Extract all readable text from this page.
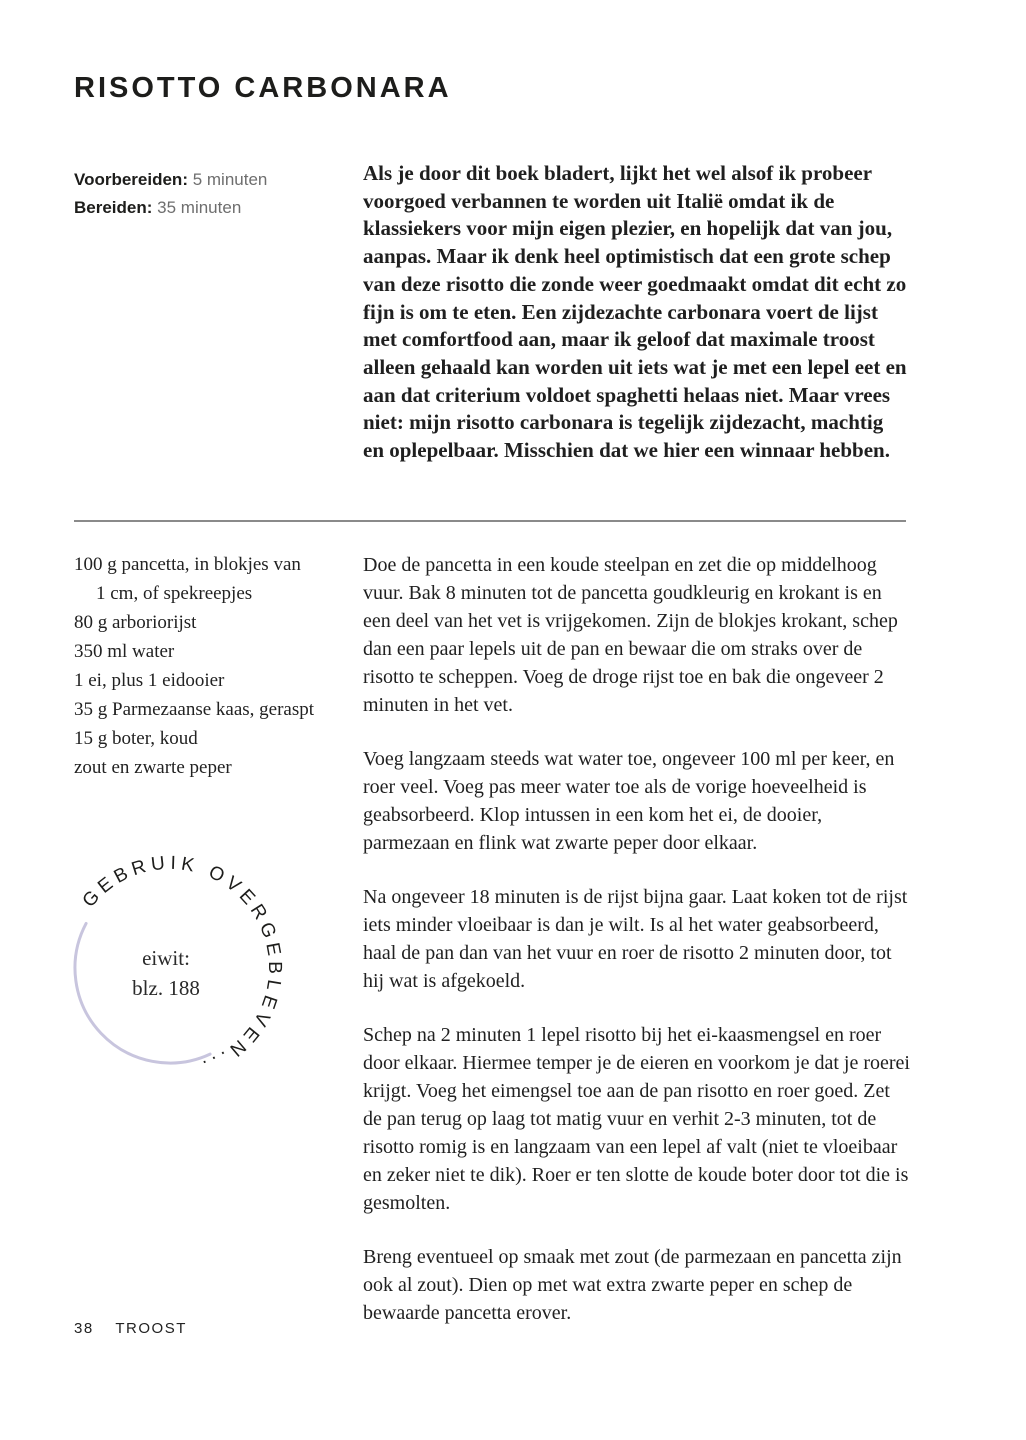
RISOTTO CARBONARA
Voorbereiden: 5 minuten
Bereiden: 35 minuten

Als je door dit boek bladert, lijkt het wel alsof ik probeer voorgoed verbannen te worden uit Italië omdat ik de klassiekers voor mijn eigen plezier, en hopelijk dat van jou, aanpas. Maar ik denk heel optimistisch dat een grote schep van deze risotto die zonde weer goedmaakt omdat dit echt zo fijn is om te eten. Een zijdezachte carbonara voert de lijst met comfortfood aan, maar ik geloof dat maximale troost alleen gehaald kan worden uit iets wat je met een lepel eet en aan dat criterium voldoet spaghetti helaas niet. Maar vrees niet: mijn risotto carbonara is tegelijk zijdezacht, machtig en oplepelbaar. Misschien dat we hier een winnaar hebben.

100 g pancetta, in blokjes van
1 cm, of spekreepjes
80 g arboriorijst
350 ml water
1 ei, plus 1 eidooier
35 g Parmezaanse kaas, geraspt
15 g boter, koud
zout en zwarte peper
GEBRUIK OVERGEBLEVEN...
eiwit:
blz. 188

Doe de pancetta in een koude steelpan en zet die op middelhoog vuur. Bak 8 minuten tot de pancetta goudkleurig en krokant is en een deel van het vet is vrijgekomen. Zijn de blokjes krokant, schep dan een paar lepels uit de pan en bewaar die om straks over de risotto te scheppen. Voeg de droge rijst toe en bak die ongeveer 2 minuten in het vet.

Voeg langzaam steeds wat water toe, ongeveer 100 ml per keer, en roer veel. Voeg pas meer water toe als de vorige hoeveelheid is geabsorbeerd. Klop intussen in een kom het ei, de dooier, parmezaan en flink wat zwarte peper door elkaar.

Na ongeveer 18 minuten is de rijst bijna gaar. Laat koken tot de rijst iets minder vloeibaar is dan je wilt. Is al het water geabsorbeerd, haal de pan dan van het vuur en roer de risotto 2 minuten door, tot hij wat is afgekoeld.

Schep na 2 minuten 1 lepel risotto bij het ei-kaasmengsel en roer door elkaar. Hiermee temper je de eieren en voorkom je dat je roerei krijgt. Voeg het eimengsel toe aan de pan risotto en roer goed. Zet de pan terug op laag tot matig vuur en verhit 2-3 minuten, tot de risotto romig is en langzaam van een lepel af valt (niet te vloeibaar en zeker niet te dik). Roer er ten slotte de koude boter door tot die is gesmolten.

Breng eventueel op smaak met zout (de parmezaan en pancetta zijn ook al zout). Dien op met wat extra zwarte peper en schep de bewaarde pancetta erover.

38 TROOST
